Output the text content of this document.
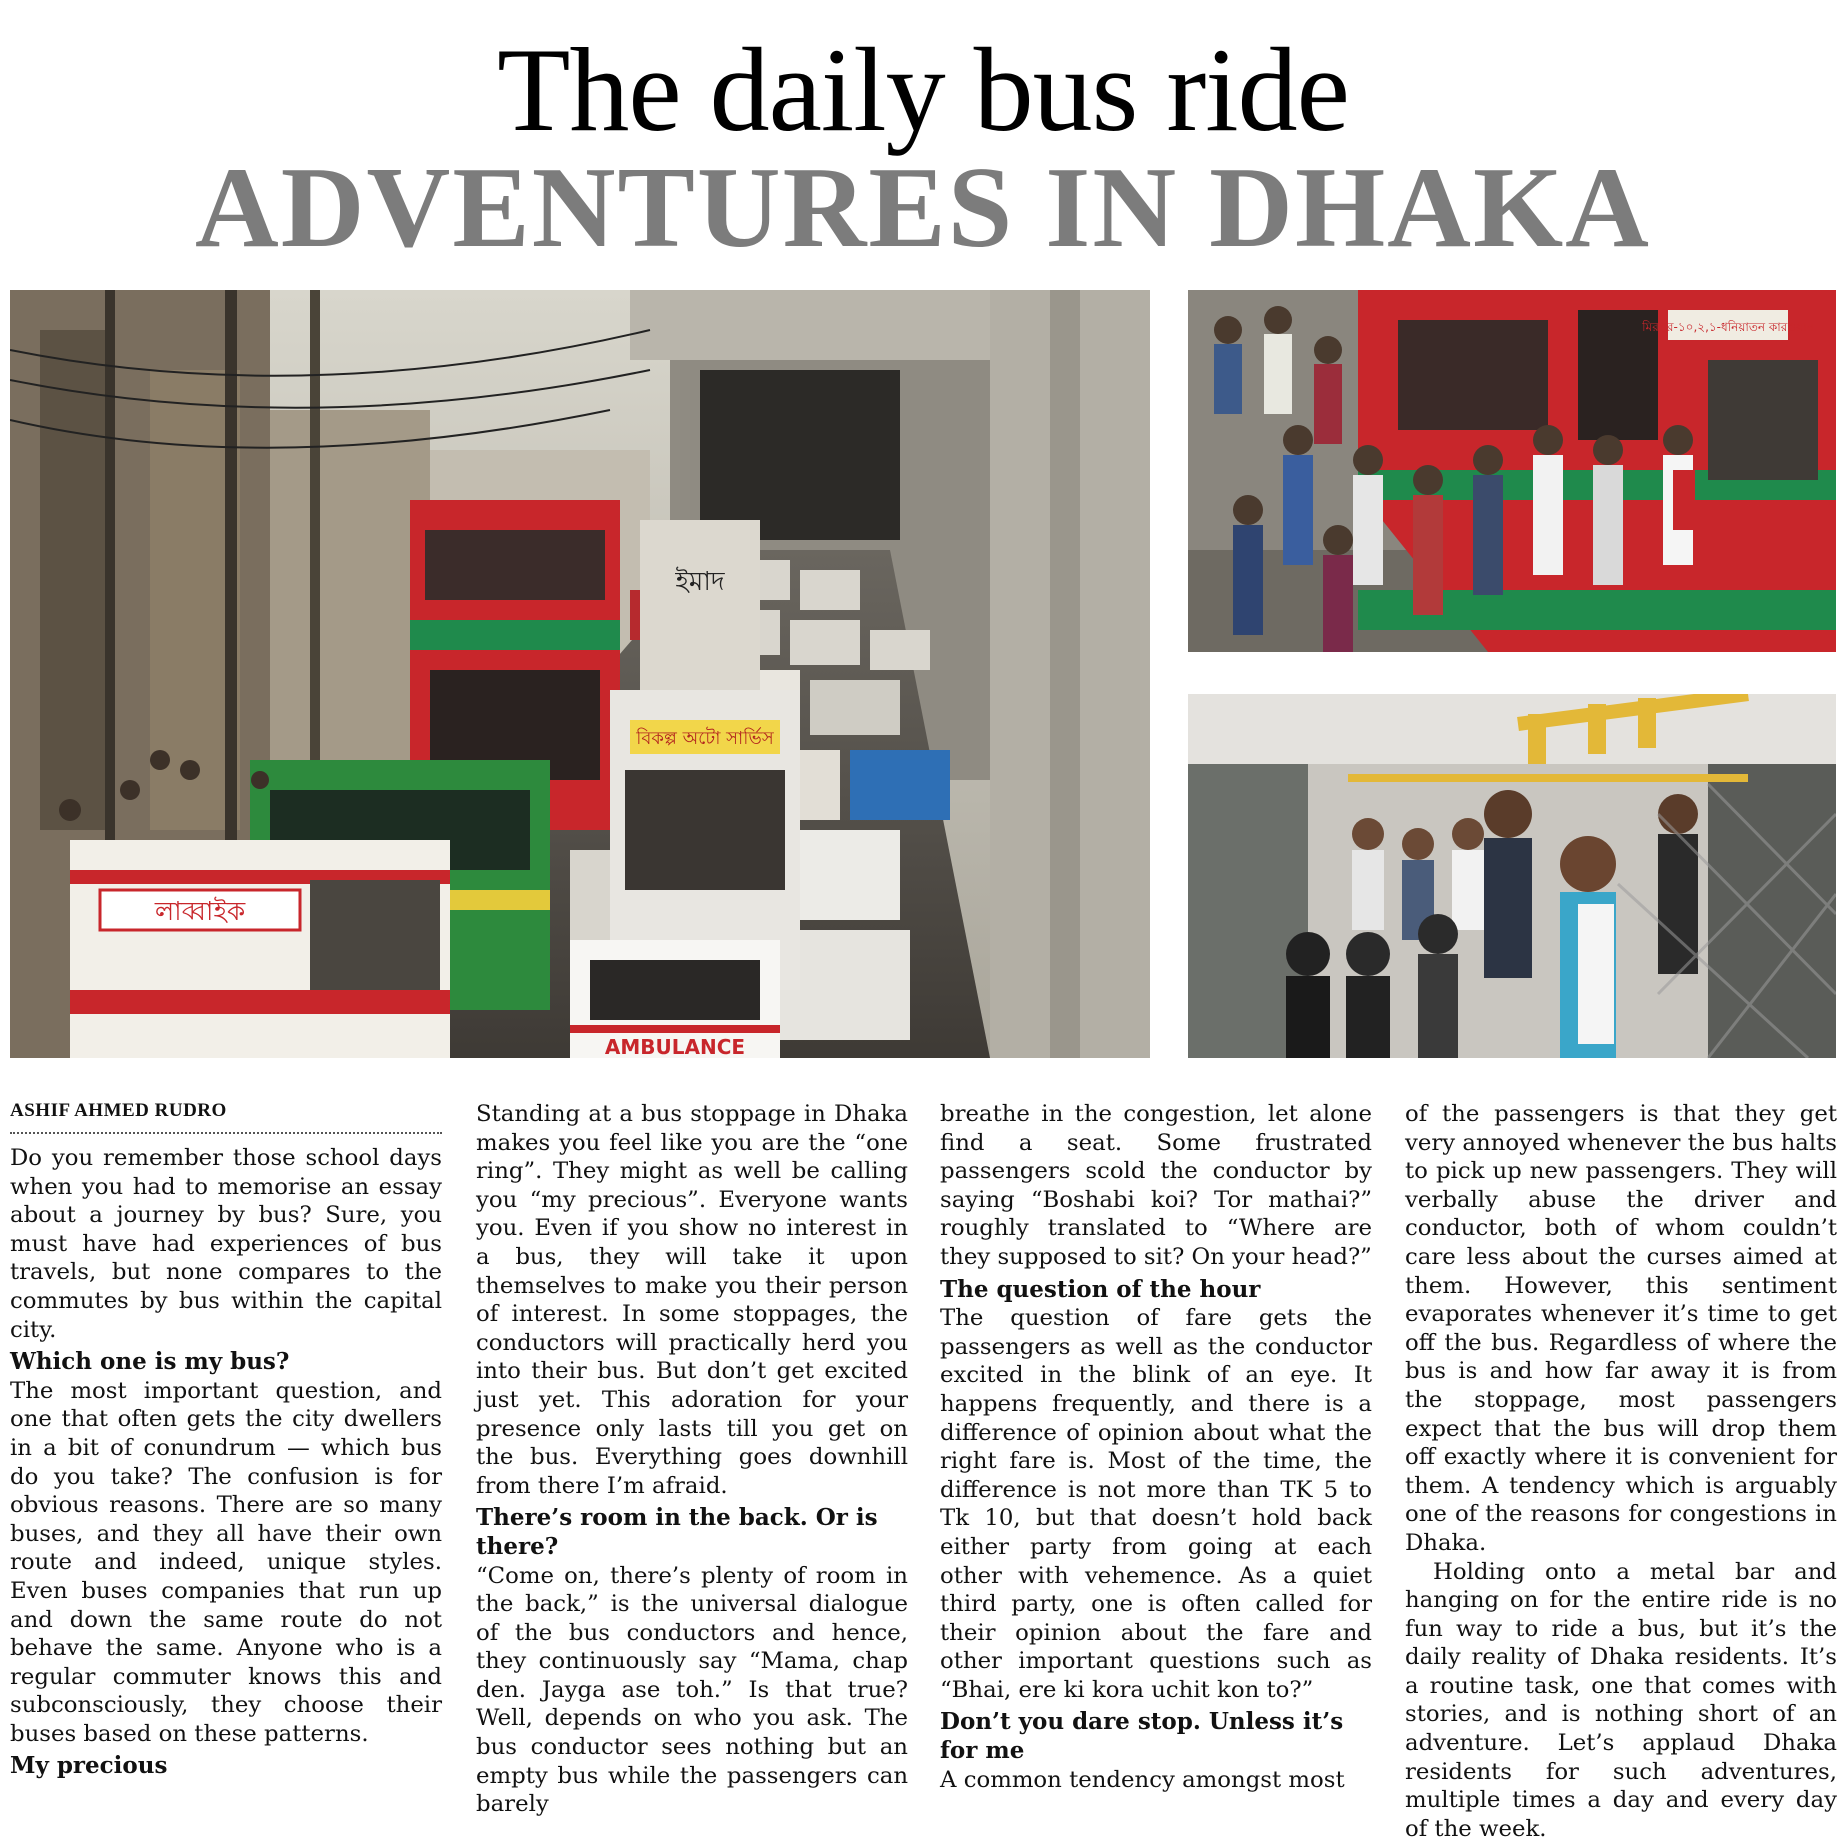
The daily bus ride
ADVENTURES IN DHAKA
বিকল্প অটো সার্ভিস
ইমাদ
লাব্বাইক
AMBULANCE
মিরপুর-১০,২,১-ধনিয়াতন কারওয়ান
ASHIF AHMED RUDRO

Do you remember those school days when you had to memorise an essay about a journey by bus? Sure, you must have had experiences of bus travels, but none compares to the commutes by bus within the capital city.

Which one is my bus?

The most important question, and one that often gets the city dwellers in a bit of conundrum — which bus do you take? The confusion is for obvious reasons. There are so many buses, and they all have their own route and indeed, unique styles. Even buses companies that run up and down the same route do not behave the same. Anyone who is a regular commuter knows this and subconsciously, they choose their buses based on these patterns.

My precious

Standing at a bus stoppage in Dhaka makes you feel like you are the “one ring”. They might as well be calling you “my precious”. Everyone wants you. Even if you show no interest in a bus, they will take it upon themselves to make you their person of interest. In some stoppages, the conductors will practically herd you into their bus. But don’t get excited just yet. This adoration for your presence only lasts till you get on the bus. Everything goes downhill from there I’m afraid.

There’s room in the back. Or is there?

“Come on, there’s plenty of room in the back,” is the universal dialogue of the bus conductors and hence, they continuously say “Mama, chap den. Jayga ase toh.” Is that true? Well, depends on who you ask. The bus conductor sees nothing but an empty bus while the passengers can barely

breathe in the congestion, let alone find a seat. Some frustrated passengers scold the conductor by saying “Boshabi koi? Tor mathai?” roughly translated to “Where are they supposed to sit? On your head?”

The question of the hour

The question of fare gets the passengers as well as the conductor excited in the blink of an eye. It happens frequently, and there is a difference of opinion about what the right fare is. Most of the time, the difference is not more than TK 5 to Tk 10, but that doesn’t hold back either party from going at each other with vehemence. As a quiet third party, one is often called for their opinion about the fare and other important questions such as “Bhai, ere ki kora uchit kon to?”

Don’t you dare stop. Unless it’s for me

A common tendency amongst most

of the passengers is that they get very annoyed whenever the bus halts to pick up new passengers. They will verbally abuse the driver and conductor, both of whom couldn’t care less about the curses aimed at them. However, this sentiment evaporates whenever it’s time to get off the bus. Regardless of where the bus is and how far away it is from the stoppage, most passengers expect that the bus will drop them off exactly where it is convenient for them. A tendency which is arguably one of the reasons for congestions in Dhaka.

Holding onto a metal bar and hanging on for the entire ride is no fun way to ride a bus, but it’s the daily reality of Dhaka residents. It’s a routine task, one that comes with stories, and is nothing short of an adventure. Let’s applaud Dhaka residents for such adventures, multiple times a day and every day of the week.
